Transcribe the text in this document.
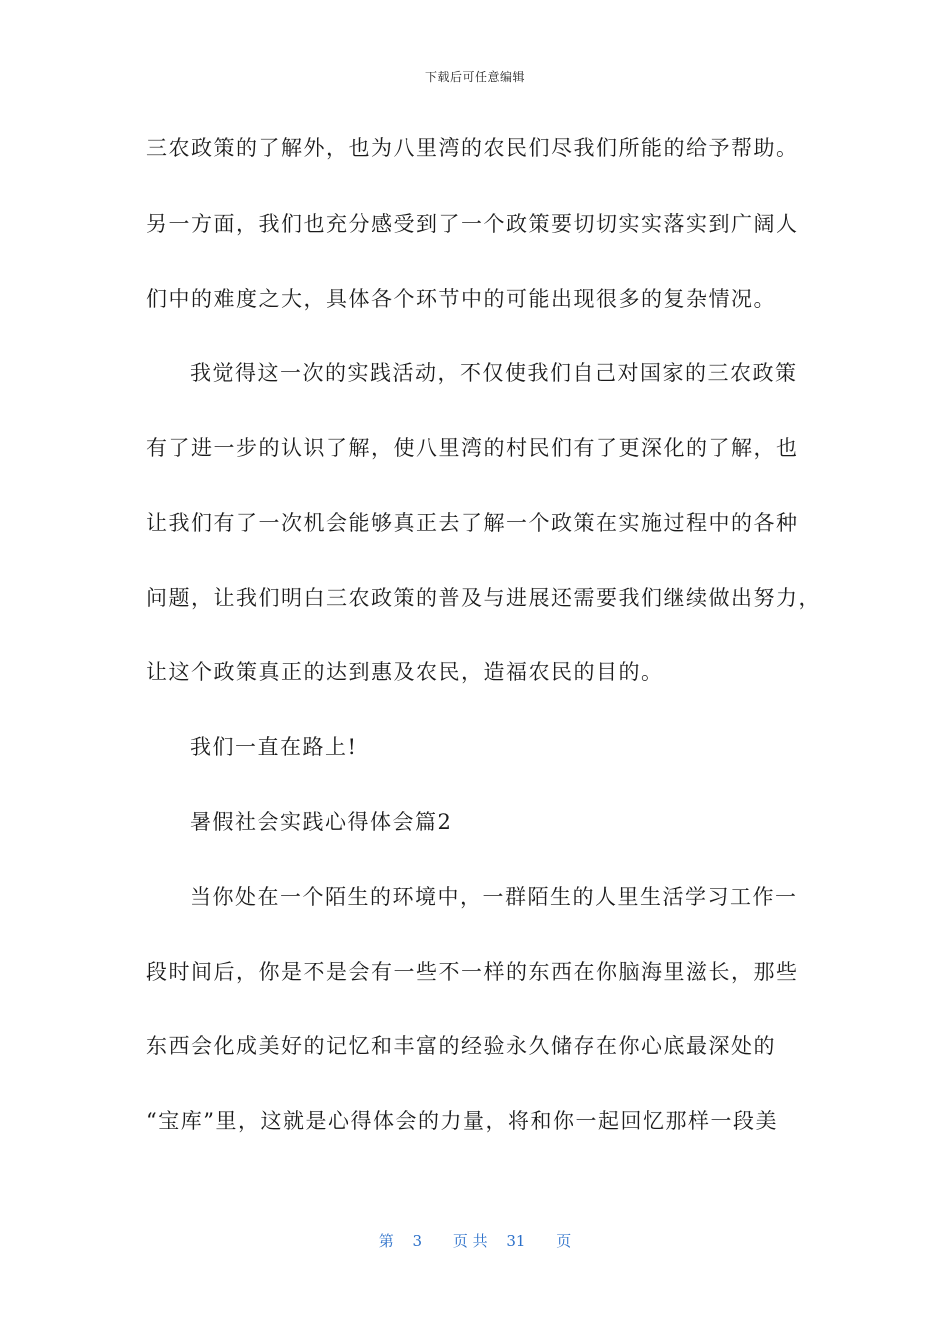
下载后可任意编辑
三农政策的了解外，也为八里湾的农民们尽我们所能的给予帮助。
另一方面，我们也充分感受到了一个政策要切切实实落实到广阔人
们中的难度之大，具体各个环节中的可能出现很多的复杂情况。
我觉得这一次的实践活动，不仅使我们自己对国家的三农政策
有了进一步的认识了解，使八里湾的村民们有了更深化的了解，也
让我们有了一次机会能够真正去了解一个政策在实施过程中的各种
问题，让我们明白三农政策的普及与进展还需要我们继续做出努力，
让这个政策真正的达到惠及农民，造福农民的目的。
我们一直在路上!
暑假社会实践心得体会篇2
当你处在一个陌生的环境中，一群陌生的人里生活学习工作一
段时间后，你是不是会有一些不一样的东西在你脑海里滋长，那些
东西会化成美好的记忆和丰富的经验永久储存在你心底最深处的
“宝库”里，这就是心得体会的力量，将和你一起回忆那样一段美
第 3 页 共 31 页
